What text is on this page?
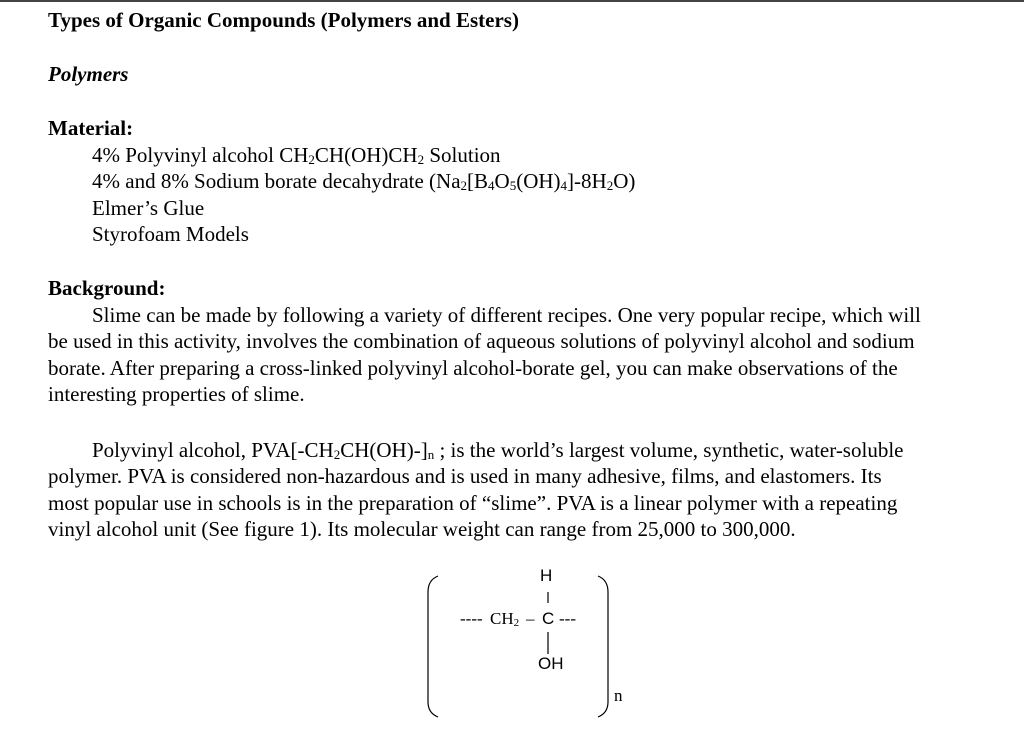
Types of Organic Compounds (Polymers and Esters)
Polymers
Material:
4% Polyvinyl alcohol $CH_2CH(OH)CH_2$ Solution
4% and 8% Sodium borate decahydrate $(Na_2[B_4O_5(OH)_4]-8H_2O)$
Elmer’s Glue
Styrofoam Models
Background:
Slime can be made by following a variety of different recipes. One very popular recipe, which will
be used in this activity, involves the combination of aqueous solutions of polyvinyl alcohol and sodium
borate. After preparing a cross-linked polyvinyl alcohol-borate gel, you can make observations of the
interesting properties of slime.
Polyvinyl alcohol, $PVA[-CH_2CH(OH)-]_n$ ; is the world’s largest volume, synthetic, water-soluble
polymer. PVA is considered non-hazardous and is used in many adhesive, films, and elastomers. Its
most popular use in schools is in the preparation of “slime”. PVA is a linear polymer with a repeating
vinyl alcohol unit (See figure 1). Its molecular weight can range from 25,000 to 300,000.
H
---- $CH_2$ – C ---
OH
n
